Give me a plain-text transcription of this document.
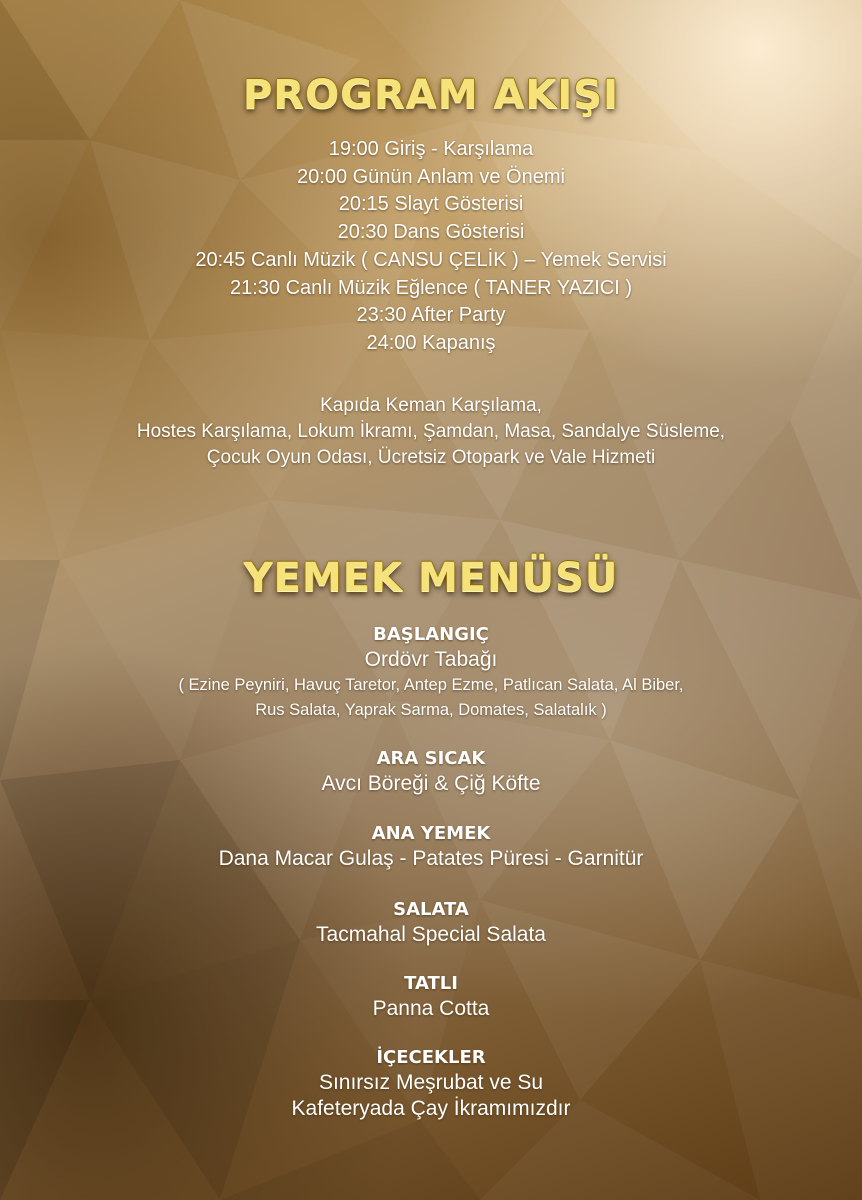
PROGRAM AKIŞI
19:00 Giriş - Karşılama
20:00 Günün Anlam ve Önemi
20:15 Slayt Gösterisi
20:30 Dans Gösterisi
20:45 Canlı Müzik ( CANSU ÇELİK ) – Yemek Servisi
21:30 Canlı Müzik Eğlence ( TANER YAZICI )
23:30 After Party
24:00 Kapanış
Kapıda Keman Karşılama,
Hostes Karşılama, Lokum İkramı, Şamdan, Masa, Sandalye Süsleme,
Çocuk Oyun Odası, Ücretsiz Otopark ve Vale Hizmeti
YEMEK MENÜSÜ
BAŞLANGIÇ
Ordövr Tabağı
( Ezine Peyniri, Havuç Taretor, Antep Ezme, Patlıcan Salata, Al Biber,
Rus Salata, Yaprak Sarma, Domates, Salatalık )
ARA SICAK
Avcı Böreği & Çiğ Köfte
ANA YEMEK
Dana Macar Gulaş - Patates Püresi - Garnitür
SALATA
Tacmahal Special Salata
TATLI
Panna Cotta
İÇECEKLER
Sınırsız Meşrubat ve Su
Kafeteryada Çay İkramımızdır
